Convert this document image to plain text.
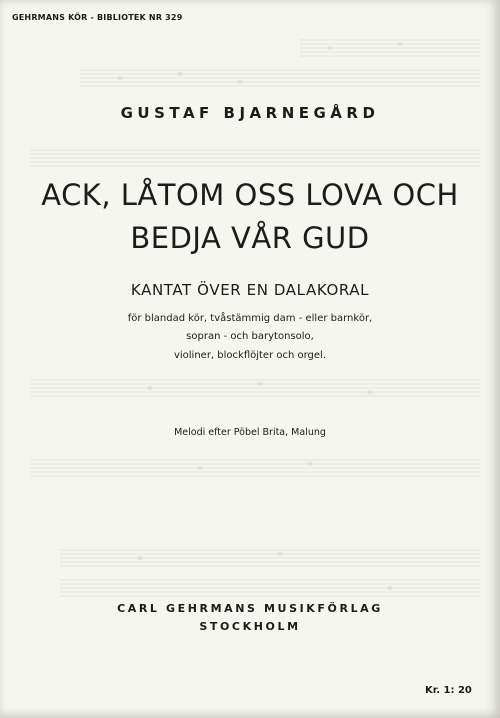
GEHRMANS KÖR - BIBLIOTEK NR 329
GUSTAF BJARNEGÅRD
ACK, LÅTOM OSS LOVA OCH
BEDJA VÅR GUD
KANTAT ÖVER EN DALAKORAL
för blandad kör, tvåstämmig dam - eller barnkör,
sopran - och barytonsolo,
violiner, blockflöjter och orgel.
Melodi efter Pöbel Brita, Malung
CARL GEHRMANS MUSIKFÖRLAG
STOCKHOLM
Kr. 1: 20
